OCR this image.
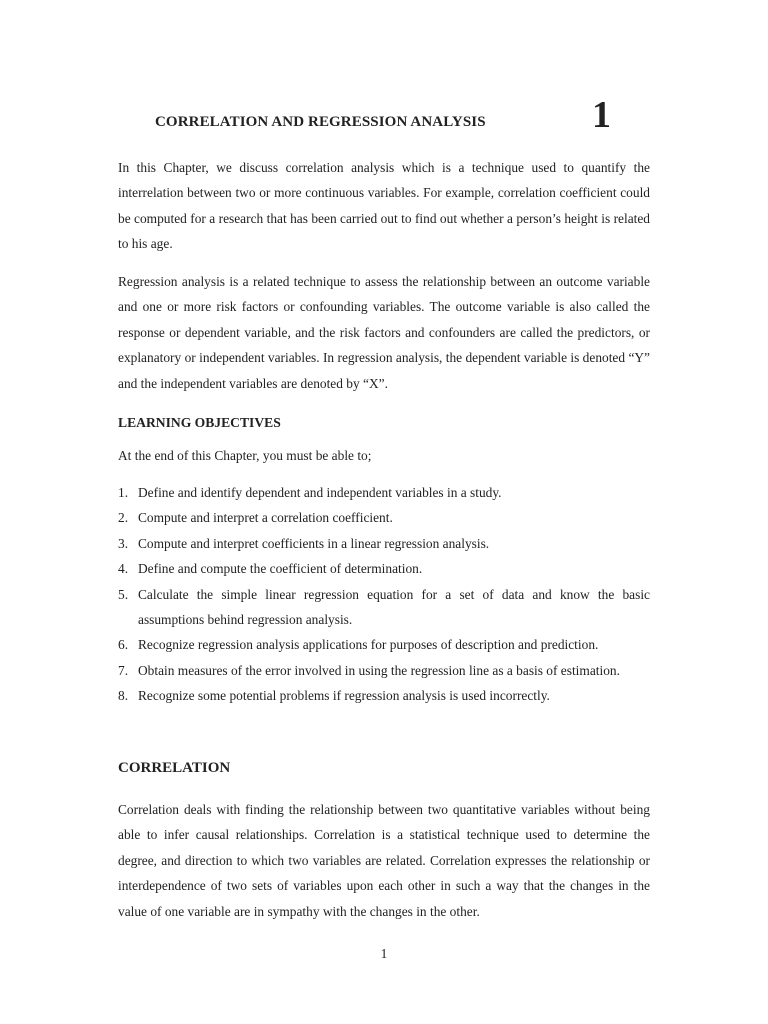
CORRELATION AND REGRESSION ANALYSIS	1

In this Chapter, we discuss correlation analysis which is a technique used to quantify the interrelation between two or more continuous variables. For example, correlation coefficient could be computed for a research that has been carried out to find out whether a person’s height is related to his age.

Regression analysis is a related technique to assess the relationship between an outcome variable and one or more risk factors or confounding variables. The outcome variable is also called the response or dependent variable, and the risk factors and confounders are called the predictors, or explanatory or independent variables. In regression analysis, the dependent variable is denoted “Y” and the independent variables are denoted by “X”.

LEARNING OBJECTIVES
At the end of this Chapter, you must be able to;
1. Define and identify dependent and independent variables in a study.
2. Compute and interpret a correlation coefficient.
3. Compute and interpret coefficients in a linear regression analysis.
4. Define and compute the coefficient of determination.
5. Calculate the simple linear regression equation for a set of data and know the basic assumptions behind regression analysis.
6. Recognize regression analysis applications for purposes of description and prediction.
7. Obtain measures of the error involved in using the regression line as a basis of estimation.
8. Recognize some potential problems if regression analysis is used incorrectly.
CORRELATION

Correlation deals with finding the relationship between two quantitative variables without being able to infer causal relationships. Correlation is a statistical technique used to determine the degree, and direction to which two variables are related. Correlation expresses the relationship or interdependence of two sets of variables upon each other in such a way that the changes in the value of one variable are in sympathy with the changes in the other.

1
